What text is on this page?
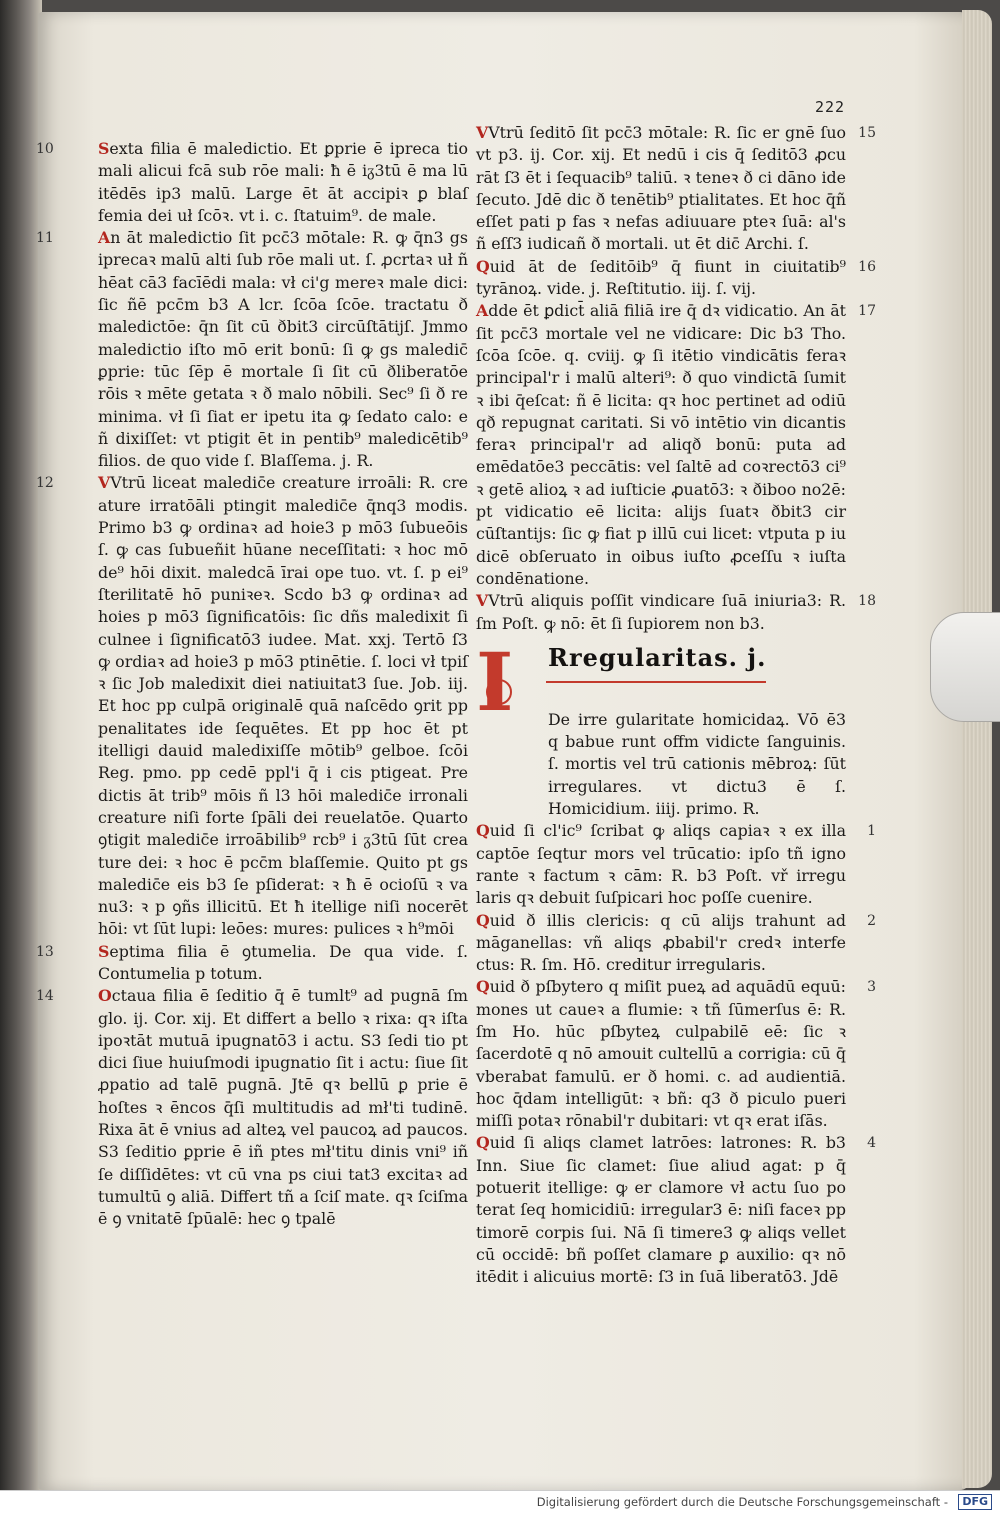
222

10	Sexta filia ē maledictio. Et ꝑprie ē ipreca tio mali alicui fcā sub rōe mali: ħ ē iᵹ3tū ē ma lū itēdēs ip3 malū. Large ēt āt accipiꝛ ꝑ blaſ femia dei uł ſcōꝛ. vt i. c. ſtatuim⁹. de male.

11	An āt maledictio ſit pcc̄3 mōtale: R. ꝙ q̄n3 gs iprecaꝛ malū alti ſub rōe mali ut. ſ. ꝓcrtaꝛ uł ñ hēat cā3 facīēdi mala: vł ci'g mereꝛ male dici: ſic ñē pcc̄m b3 A lcr. ſcōa ſcōe. tractatu ð maledictōe: q̄n ſit cū ðbit3 circūſtātijſ. Jmmo maledictio iſto mō erit bonū: ſi ꝙ gs maledic̄ ꝑprie: tūc ſēp ē mortale ſi ſit cū ðliberatōe rōis ꝛ mēte getata ꝛ ð malo nōbili. Sec⁹ ſi ð re minima. vł ſi ſiat er ipetu ita ꝙ ſedato calo: e ñ dixiſſet: vt ptigit ēt in pentib⁹ maledicētib⁹ filios. de quo vide ſ. Blaſſema. j. R.

12	VVtrū liceat maledic̄e creature irroāli: R. cre ature irratōāli ptingit maledic̄e q̄nq3 modis. Primo b3 ꝙ ordinaꝛ ad hoie3 p mō3 ſubueōis ſ. ꝙ cas ſubueñit hūane neceſſitati: ꝛ hoc mō de⁹ hōi dixit. maledcā īrai ope tuo. vt. ſ. p ei⁹ ſterilitatē hō puniꝛeꝛ. Scdo b3 ꝙ ordinaꝛ ad hoies p mō3 ſignificatōis: ſic dñs maledixit ſi culnee i ſignificatō3 iudee. Mat. xxj. Tertō ſ3 ꝙ ordiaꝛ ad hoie3 p mō3 ptinētie. ſ. loci vł tpiſ ꝛ ſic Job maledixit diei natiuitat3 ſue. Job. iij. Et hoc pp culpā originalē quā naſcēdo ꝯrit pp penalitates ide ſequētes. Et pp hoc ēt pt itelligi dauid maledixiſſe mōtib⁹ gelboe. ſcōi Reg. pmo. pp cedē ppl'i q̄ i cis ptigeat. Pre dictis āt trib⁹ mōis ñ l3 hōi maledic̄e irronali creature niſi forte ſpāli dei reuelatōe. Quarto ꝯtigit maledic̄e irroābilib⁹ rcb⁹ i ᵹ3tū ſūt crea ture dei: ꝛ hoc ē pcc̄m blaſſemie. Quito pt gs maledic̄e eis b3 ſe pſiderat: ꝛ ħ ē ocioſū ꝛ va nu3: ꝛ p ꝯñs illicitū. Et ħ itellige niſi nocerēt hōi: vt ſūt lupi: leōes: mures: pulices ꝛ h⁹mōi

13	Septima filia ē ꝯtumelia. De qua vide. ſ. Contumelia p totum.

14	Octaua filia ē ſeditio q̄ ē tumlt⁹ ad pugnā ſm glo. ij. Cor. xij. Et differt a bello ꝛ rixa: qꝛ iſta ipoꝛtāt mutuā ipugnatō3 i actu. S3 ſedi tio pt dici ſiue huiuſmodi ipugnatio ſit i actu: ſiue ſit ꝓpatio ad talē pugnā. Jtē qꝛ bellū ꝑ prie ē hoſtes ꝛ ēncos q̄ſi multitudis ad mł'ti tudinē. Rixa āt ē vnius ad alteꝝ vel paucoꝝ ad paucos. S3 ſeditio ꝑprie ē iñ ptes mł'titu dinis vni⁹ iñ ſe diſſidētes: vt cū vna ps ciui tat3 excitaꝛ ad tumultū ꝯ aliā. Differt tñ a ſciſ mate. qꝛ ſciſma ē ꝯ vnitatē ſpūalē: hec ꝯ tpalē

15
VVtrū ſeditō ſit pcc̄3 mōtale: R. ſic er gnē ſuo vt p3. ij. Cor. xij. Et nedū i cis q̄ ſeditō3 ꝓcu rāt ſ3 ēt i ſequacib⁹ taliū. ꝛ teneꝛ ð ci dāno ide ſecuto. Jdē dic ð tenētib⁹ ptialitates. Et hoc q̄ñ eſſet pati p fas ꝛ nefas adiuuare pteꝛ ſuā: al's ñ eſſ3 iudicañ ð mortali. ut ēt dic̄ Archi. ſ.

16
Quid āt de ſeditōib⁹ q̄ fiunt in ciuitatib⁹ tyrānoꝝ. vide. j. Reſtitutio. iij. ſ. vij.

17
Adde ēt ꝑdict̄ aliā filiā ire q̄ dꝛ vidicatio. An āt ſit pcc̄3 mortale vel ne vidicare: Dic b3 Tho. ſcōa ſcōe. q. cviij. ꝙ ſi itētio vindicātis feraꝛ principal'r i malū alteri⁹: ð quo vindictā ſumit ꝛ ibi q̄eſcat: ñ ē licita: qꝛ hoc pertinet ad odiū qð repugnat caritati. Si vō intētio vin dicantis feraꝛ principal'r ad aliqð bonū: puta ad emēdatōe3 peccātis: vel ſaltē ad coꝛrectō3 ci⁹ ꝛ getē alioꝝ ꝛ ad iuſticie ꝓuatō3: ꝛ ðiboo no2ē: pt vidicatio eē licita: alijs ſuatꝛ ðbit3 cir cūſtantijs: ſic ꝙ fiat p illū cui licet: vtputa p iu dicē obſeruato in oibus iuſto ꝓceſſu ꝛ iuſta condēnatione.

18
VVtrū aliquis poſſit vindicare ſuā iniuria3: R. ſm Poſt. ꝙ nō: ēt ſi ſupiorem non b3.

I Rregularitas. j.

De irre gularitate homicidaꝝ. Vō ē3 q babue runt offm vidicte ſanguinis. ſ. mortis vel trū cationis mēbroꝝ: ſūt irregulares. vt dictu3 ē ſ. Homicidium. iiij. primo. R.

1
Quid ſi cl'ic⁹ ſcribat ꝙ aliqs capiaꝛ ꝛ ex illa captōe ſeqtur mors vel trūcatio: ipſo tñ igno rante ꝛ factum ꝛ cām: R. b3 Poſt. vř irregu laris qꝛ debuit ſuſpicari hoc poſſe cuenire.

2
Quid ð illis clericis: q cū alijs trahunt ad māganellas: vñ aliqs ꝓbabil'r credꝛ interfe ctus: R. ſm. Hō. creditur irregularis.

3
Quid ð pſbytero q miſit pueꝝ ad aquādū equū: mones ut caueꝛ a flumie: ꝛ tñ ſūmerſus ē: R. ſm Ho. hūc pſbyteꝝ culpabilē eē: ſic ꝛ ſacerdotē q nō amouit cultellū a corrigia: cū q̄ vberabat famulū. er ð homi. c. ad audientiā. hoc q̄dam intelligūt: ꝛ bñ: q3 ð piculo pueri miſſi potaꝛ rōnabil'r dubitari: vt qꝛ erat iſās.

4
Quid ſi aliqs clamet latrōes: latrones: R. b3 Inn. Siue ſic clamet: ſiue aliud agat: p q̄ potuerit itellige: ꝙ er clamore vł actu ſuo po terat ſeq homicidiū: irregular3 ē: niſi faceꝛ pp timorē corpis ſui. Nā ſi timere3 ꝙ aliqs vellet cū occidē: bñ poſſet clamare ꝑ auxilio: qꝛ nō itēdit i alicuius mortē: ſ3 in ſuā liberatō3. Jdē

Digitalisierung gefördert durch die Deutsche Forschungsgemeinschaft -	DFG
